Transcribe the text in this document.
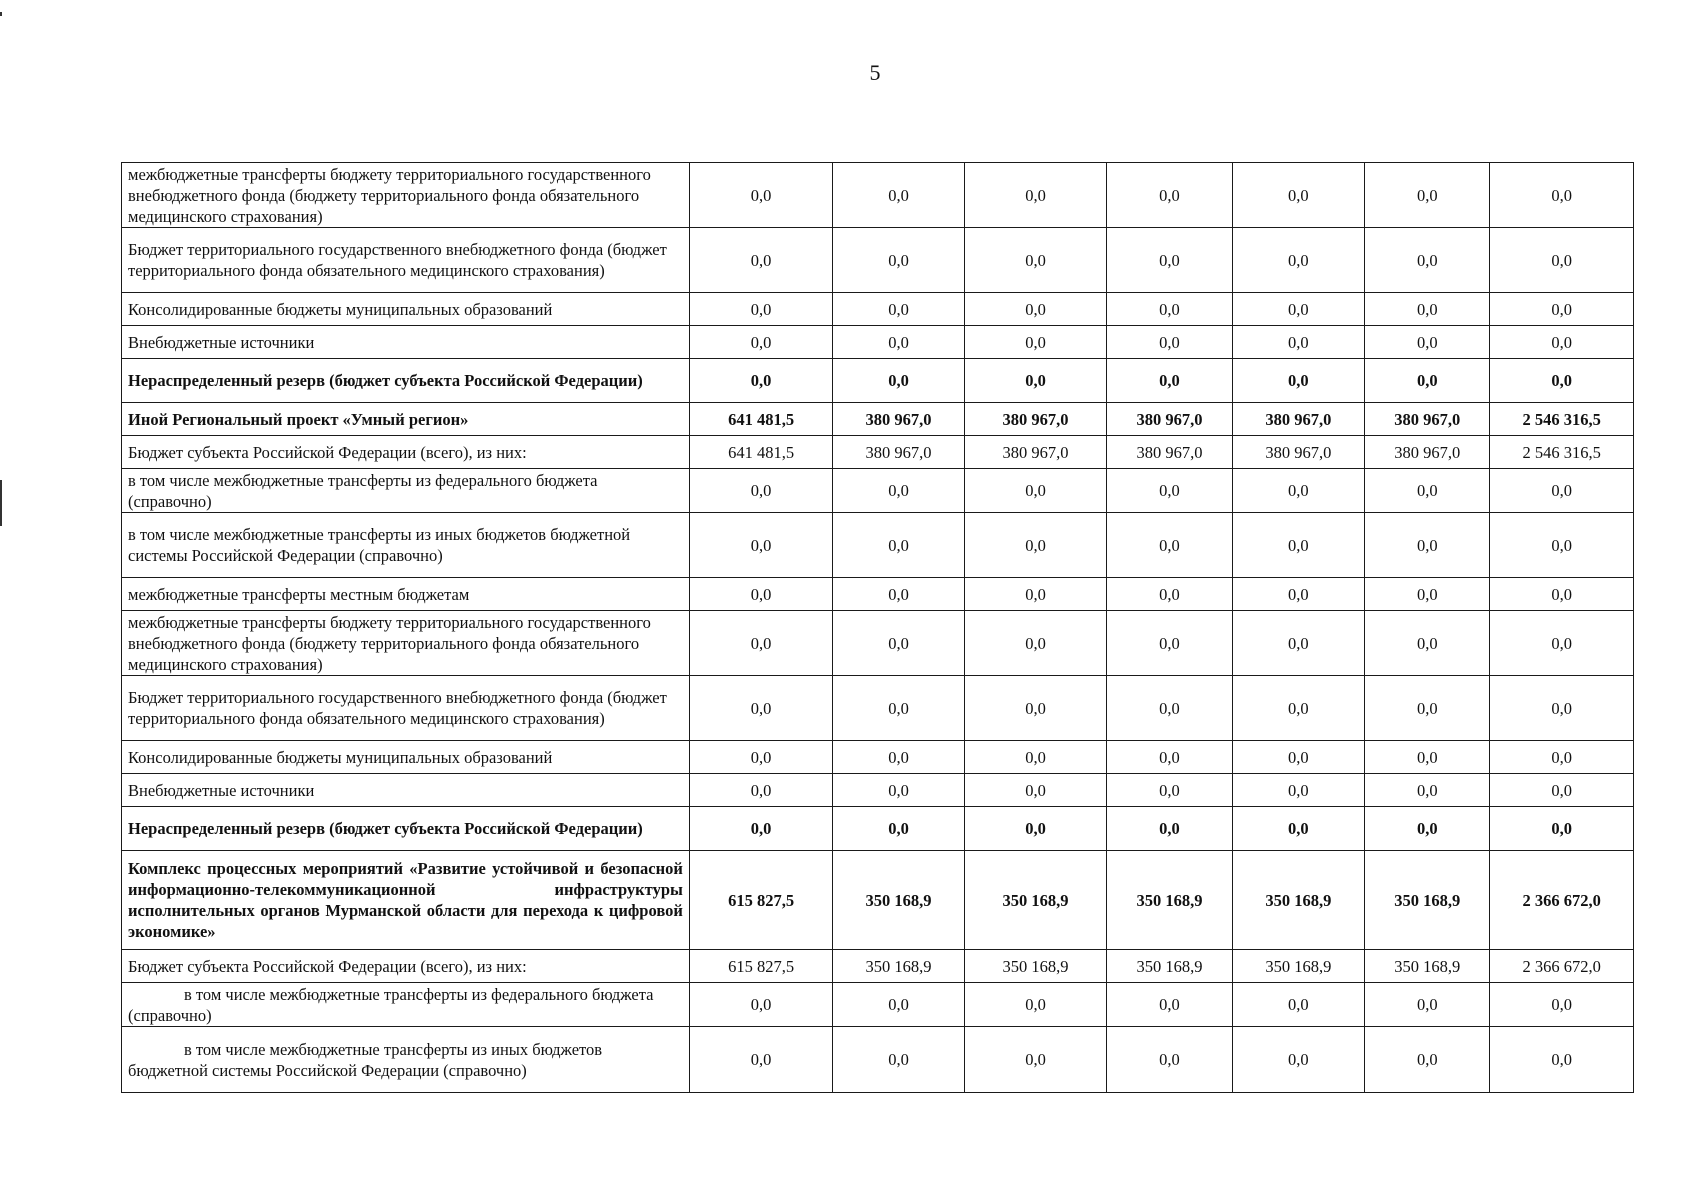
5
межбюджетные трансферты бюджету территориального государственного внебюджетного фонда (бюджету территориального фонда обязательного медицинского страхования)	0,0	0,0	0,0	0,0	0,0	0,0	0,0
Бюджет территориального государственного внебюджетного фонда (бюджет территориального фонда обязательного медицинского страхования)	0,0	0,0	0,0	0,0	0,0	0,0	0,0
Консолидированные бюджеты муниципальных образований	0,0	0,0	0,0	0,0	0,0	0,0	0,0
Внебюджетные источники	0,0	0,0	0,0	0,0	0,0	0,0	0,0
Нераспределенный резерв (бюджет субъекта Российской Федерации)	0,0	0,0	0,0	0,0	0,0	0,0	0,0
Иной Региональный проект «Умный регион»	641 481,5	380 967,0	380 967,0	380 967,0	380 967,0	380 967,0	2 546 316,5
Бюджет субъекта Российской Федерации (всего), из них:	641 481,5	380 967,0	380 967,0	380 967,0	380 967,0	380 967,0	2 546 316,5
в том числе межбюджетные трансферты из федерального бюджета (справочно)	0,0	0,0	0,0	0,0	0,0	0,0	0,0
в том числе межбюджетные трансферты из иных бюджетов бюджетной системы Российской Федерации (справочно)	0,0	0,0	0,0	0,0	0,0	0,0	0,0
межбюджетные трансферты местным бюджетам	0,0	0,0	0,0	0,0	0,0	0,0	0,0
межбюджетные трансферты бюджету территориального государственного внебюджетного фонда (бюджету территориального фонда обязательного медицинского страхования)	0,0	0,0	0,0	0,0	0,0	0,0	0,0
Бюджет территориального государственного внебюджетного фонда (бюджет территориального фонда обязательного медицинского страхования)	0,0	0,0	0,0	0,0	0,0	0,0	0,0
Консолидированные бюджеты муниципальных образований	0,0	0,0	0,0	0,0	0,0	0,0	0,0
Внебюджетные источники	0,0	0,0	0,0	0,0	0,0	0,0	0,0
Нераспределенный резерв (бюджет субъекта Российской Федерации)	0,0	0,0	0,0	0,0	0,0	0,0	0,0
Комплекс процессных мероприятий «Развитие устойчивой и безопасной информационно-телекоммуникационной инфраструктуры исполнительных органов Мурманской области для перехода к цифровой экономике»	615 827,5	350 168,9	350 168,9	350 168,9	350 168,9	350 168,9	2 366 672,0
Бюджет субъекта Российской Федерации (всего), из них:	615 827,5	350 168,9	350 168,9	350 168,9	350 168,9	350 168,9	2 366 672,0
в том числе межбюджетные трансферты из федерального бюджета (справочно)	0,0	0,0	0,0	0,0	0,0	0,0	0,0
в том числе межбюджетные трансферты из иных бюджетов бюджетной системы Российской Федерации (справочно)	0,0	0,0	0,0	0,0	0,0	0,0	0,0
